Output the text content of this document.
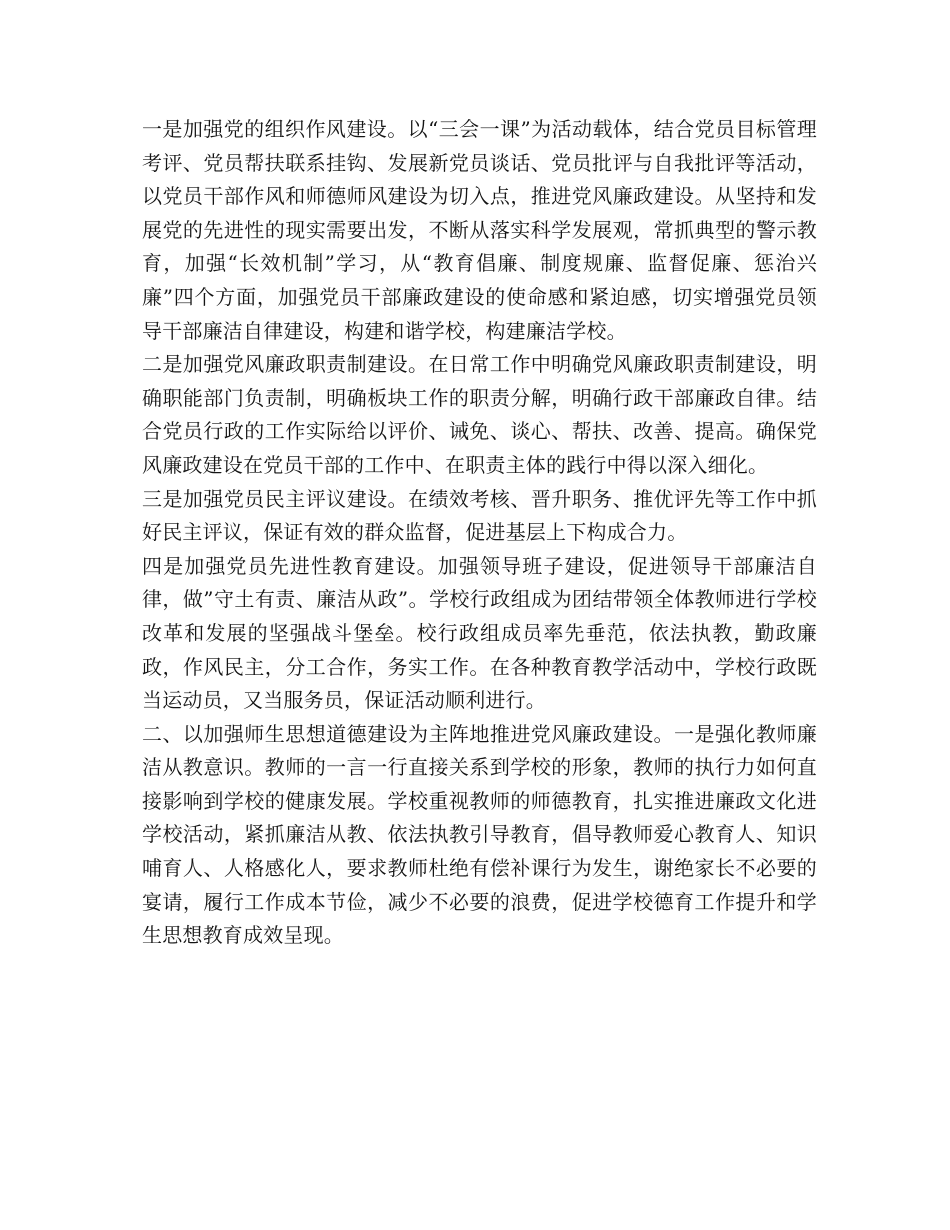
一是加强党的组织作风建设。以“三会一课”为活动载体，结合党员目标管理考评、党员帮扶联系挂钩、发展新党员谈话、党员批评与自我批评等活动，以党员干部作风和师德师风建设为切入点，推进党风廉政建设。从坚持和发展党的先进性的现实需要出发，不断从落实科学发展观，常抓典型的警示教育，加强“长效机制”学习，从“教育倡廉、制度规廉、监督促廉、惩治兴廉”四个方面，加强党员干部廉政建设的使命感和紧迫感，切实增强党员领导干部廉洁自律建设，构建和谐学校，构建廉洁学校。

二是加强党风廉政职责制建设。在日常工作中明确党风廉政职责制建设，明确职能部门负责制，明确板块工作的职责分解，明确行政干部廉政自律。结合党员行政的工作实际给以评价、诫免、谈心、帮扶、改善、提高。确保党风廉政建设在党员干部的工作中、在职责主体的践行中得以深入细化。

三是加强党员民主评议建设。在绩效考核、晋升职务、推优评先等工作中抓好民主评议，保证有效的群众监督，促进基层上下构成合力。

四是加强党员先进性教育建设。加强领导班子建设，促进领导干部廉洁自律，做”守土有责、廉洁从政”。学校行政组成为团结带领全体教师进行学校改革和发展的坚强战斗堡垒。校行政组成员率先垂范，依法执教，勤政廉政，作风民主，分工合作，务实工作。在各种教育教学活动中，学校行政既当运动员，又当服务员，保证活动顺利进行。

二、以加强师生思想道德建设为主阵地推进党风廉政建设。一是强化教师廉洁从教意识。教师的一言一行直接关系到学校的形象，教师的执行力如何直接影响到学校的健康发展。学校重视教师的师德教育，扎实推进廉政文化进学校活动，紧抓廉洁从教、依法执教引导教育，倡导教师爱心教育人、知识哺育人、人格感化人，要求教师杜绝有偿补课行为发生，谢绝家长不必要的宴请，履行工作成本节俭，减少不必要的浪费，促进学校德育工作提升和学生思想教育成效呈现。
